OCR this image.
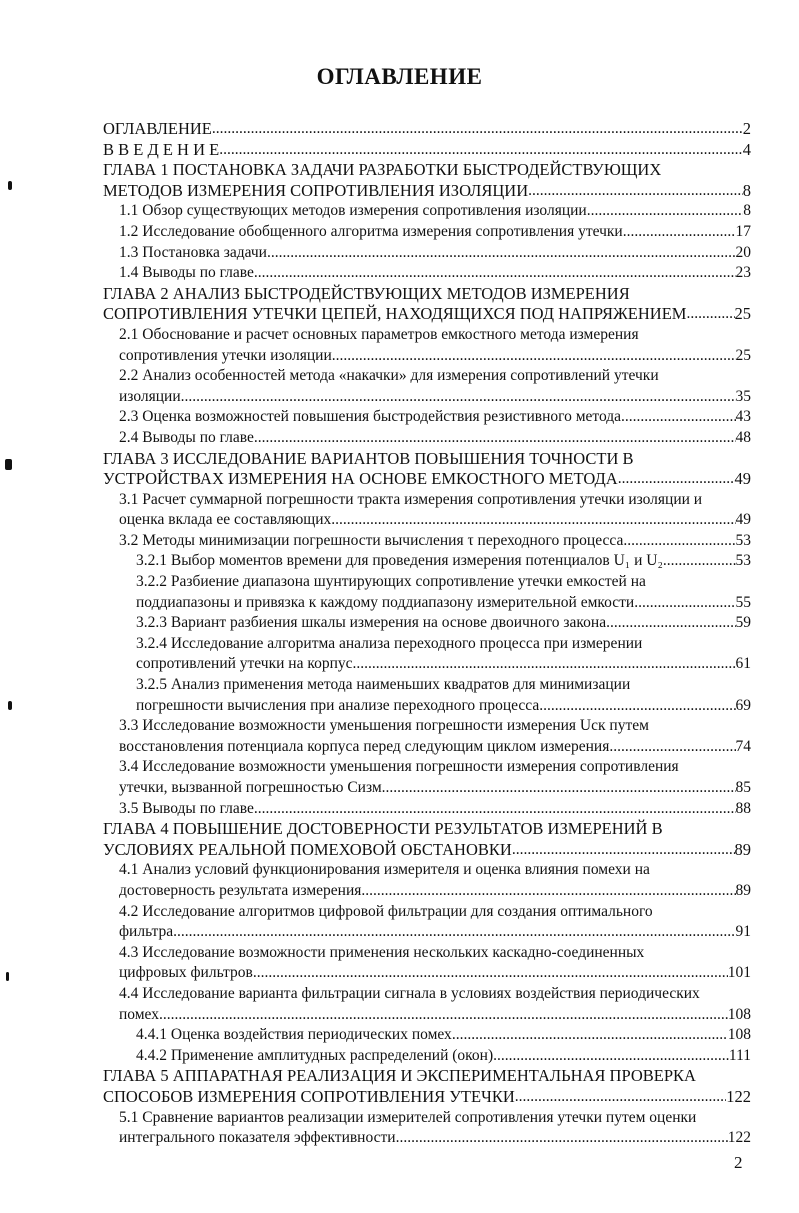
ОГЛАВЛЕНИЕ
ОГЛАВЛЕНИЕ .....	2
В В Е Д Е Н И Е .....	4
ГЛАВА 1 ПОСТАНОВКА ЗАДАЧИ РАЗРАБОТКИ БЫСТРОДЕЙСТВУЮЩИХ
МЕТОДОВ ИЗМЕРЕНИЯ СОПРОТИВЛЕНИЯ ИЗОЛЯЦИИ .....	8
1.1 Обзор существующих методов измерения сопротивления изоляции. .....	8
1.2 Исследование обобщенного алгоритма измерения сопротивления утечки .....	17
1.3 Постановка задачи .....	20
1.4 Выводы по главе .....	23
ГЛАВА 2 АНАЛИЗ БЫСТРОДЕЙСТВУЮЩИХ МЕТОДОВ ИЗМЕРЕНИЯ
СОПРОТИВЛЕНИЯ УТЕЧКИ ЦЕПЕЙ, НАХОДЯЩИХСЯ ПОД НАПРЯЖЕНИЕМ .....	25
2.1 Обоснование и расчет основных параметров емкостного метода измерения
сопротивления утечки изоляции .....	25
2.2 Анализ особенностей метода «накачки» для измерения сопротивлений утечки
изоляции .....	35
2.3 Оценка возможностей повышения быстродействия резистивного метода .....	43
2.4 Выводы по главе .....	48
ГЛАВА 3 ИССЛЕДОВАНИЕ ВАРИАНТОВ ПОВЫШЕНИЯ ТОЧНОСТИ В
УСТРОЙСТВАХ ИЗМЕРЕНИЯ НА ОСНОВЕ ЕМКОСТНОГО МЕТОДА .....	49
3.1 Расчет суммарной погрешности тракта измерения сопротивления утечки изоляции и
оценка вклада ее составляющих. .....	49
3.2 Методы минимизации погрешности вычисления τ переходного процесса .....	53
3.2.1 Выбор моментов времени для проведения измерения потенциалов U₁ и U₂ .....	53
3.2.2 Разбиение диапазона шунтирующих сопротивление утечки емкостей на
поддиапазоны и привязка к каждому поддиапазону измерительной емкости .....	55
3.2.3 Вариант разбиения шкалы измерения на основе двоичного закона .....	59
3.2.4 Исследование алгоритма анализа переходного процесса при измерении
сопротивлений утечки на корпус .....	61
3.2.5 Анализ применения метода наименьших квадратов для минимизации
погрешности вычисления при анализе переходного процесса .....	69
3.3 Исследование возможности уменьшения погрешности измерения Uск путем
восстановления потенциала корпуса перед следующим циклом измерения .....	74
3.4 Исследование возможности уменьшения погрешности измерения сопротивления
утечки, вызванной погрешностью Сизм .....	85
3.5 Выводы по главе .....	88
ГЛАВА 4 ПОВЫШЕНИЕ ДОСТОВЕРНОСТИ РЕЗУЛЬТАТОВ ИЗМЕРЕНИЙ В
УСЛОВИЯХ РЕАЛЬНОЙ ПОМЕХОВОЙ ОБСТАНОВКИ .....	89
4.1 Анализ условий функционирования измерителя и оценка влияния помехи на
достоверность результата измерения .....	89
4.2 Исследование алгоритмов цифровой фильтрации для создания оптимального
фильтра .....	91
4.3 Исследование возможности применения нескольких каскадно-соединенных
цифровых фильтров .....	101
4.4 Исследование варианта фильтрации сигнала в условиях воздействия периодических
помех .....	108
4.4.1 Оценка воздействия периодических помех .....	108
4.4.2 Применение амплитудных распределений (окон). .....	111
ГЛАВА 5 АППАРАТНАЯ РЕАЛИЗАЦИЯ И ЭКСПЕРИМЕНТАЛЬНАЯ ПРОВЕРКА
СПОСОБОВ ИЗМЕРЕНИЯ СОПРОТИВЛЕНИЯ УТЕЧКИ .....	122
5.1 Сравнение вариантов реализации измерителей сопротивления утечки путем оценки
интегрального показателя эффективности .....	122
2
